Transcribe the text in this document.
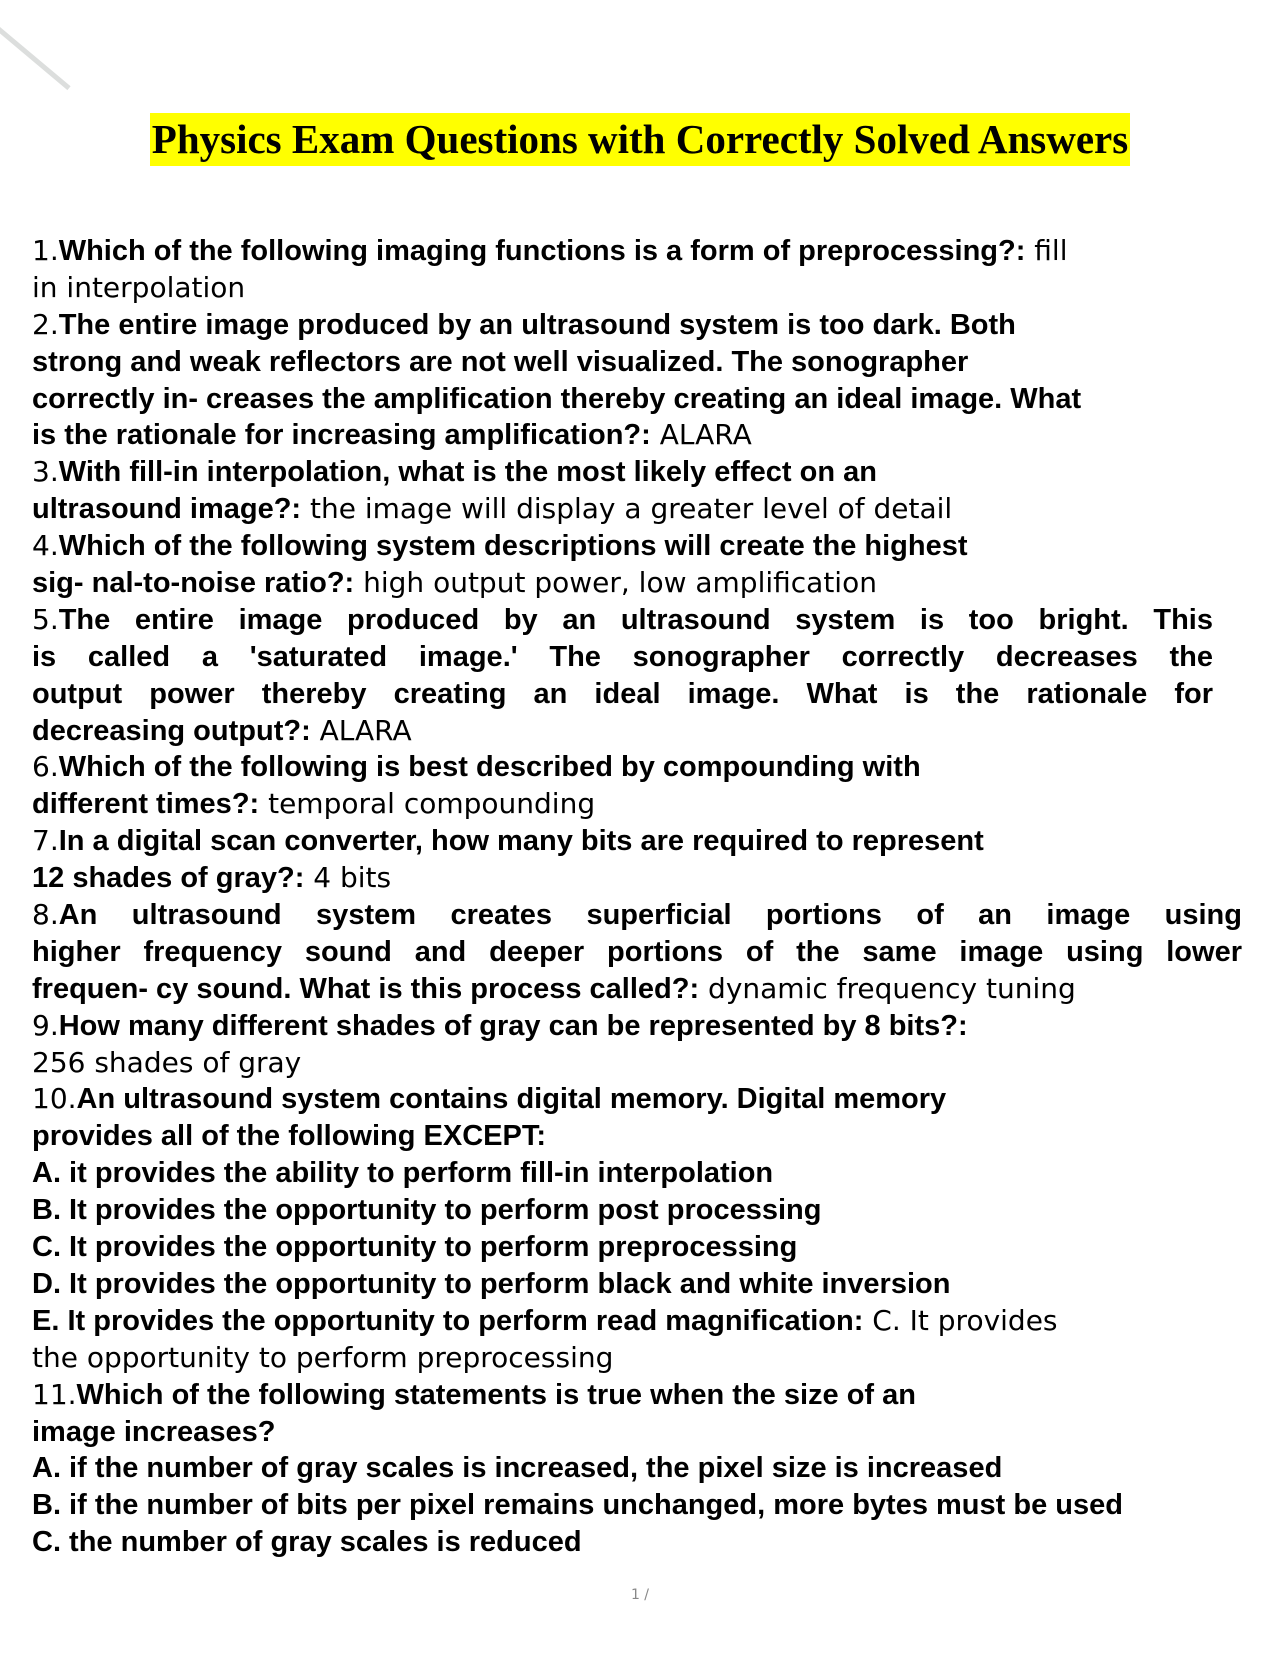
Physics Exam Questions with Correctly Solved Answers
1.Which of the following imaging functions is a form of preprocessing?: fill
in interpolation
2.The entire image produced by an ultrasound system is too dark. Both
strong and weak reflectors are not well visualized. The sonographer
correctly in- creases the amplification thereby creating an ideal image. What
is the rationale for increasing amplification?: ALARA
3.With fill-in interpolation, what is the most likely effect on an
ultrasound image?: the image will display a greater level of detail
4.Which of the following system descriptions will create the highest
sig- nal-to-noise ratio?: high output power, low amplification
5.The entire image produced by an ultrasound system is too bright. This
is called a 'saturated image.' The sonographer correctly decreases the
output power thereby creating an ideal image. What is the rationale for
decreasing output?: ALARA
6.Which of the following is best described by compounding with
different times?: temporal compounding
7.In a digital scan converter, how many bits are required to represent
12 shades of gray?: 4 bits
8.An ultrasound system creates superficial portions of an image using
higher frequency sound and deeper portions of the same image using lower
frequen- cy sound. What is this process called?: dynamic frequency tuning
9.How many different shades of gray can be represented by 8 bits?:
256 shades of gray
10.An ultrasound system contains digital memory. Digital memory
provides all of the following EXCEPT:
A. it provides the ability to perform fill-in interpolation
B. It provides the opportunity to perform post processing
C. It provides the opportunity to perform preprocessing
D. It provides the opportunity to perform black and white inversion
E. It provides the opportunity to perform read magnification: C. It provides
the opportunity to perform preprocessing
11.Which of the following statements is true when the size of an
image increases?
A. if the number of gray scales is increased, the pixel size is increased
B. if the number of bits per pixel remains unchanged, more bytes must be used
C. the number of gray scales is reduced
1 /
